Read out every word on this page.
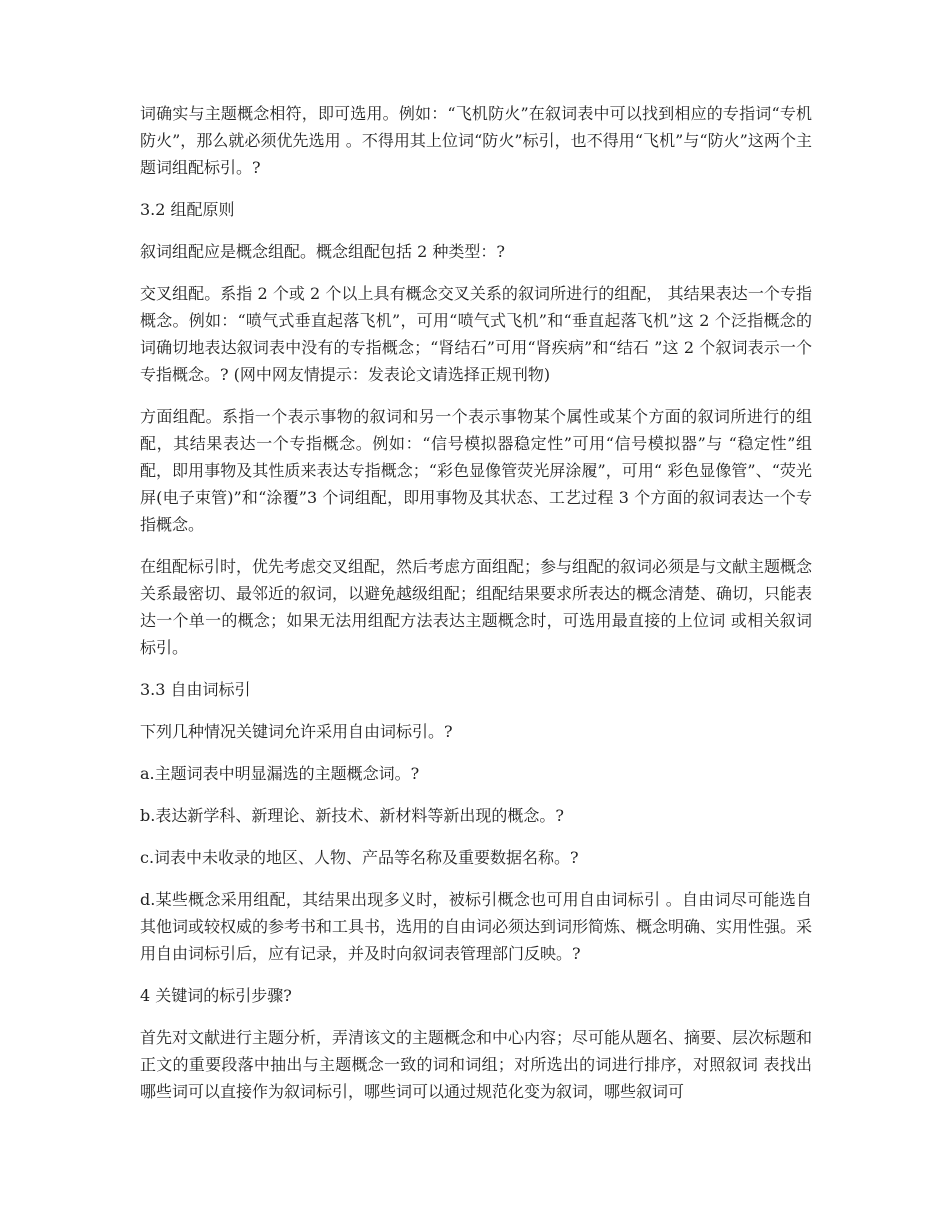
词确实与主题概念相符，即可选用。例如：“飞机防火”在叙词表中可以找到相应的专指词“专机防火”，那么就必须优先选用 。不得用其上位词“防火”标引，也不得用“飞机”与“防火”这两个主题词组配标引。?

3.2 组配原则

叙词组配应是概念组配。概念组配包括 2 种类型：?

交叉组配。系指 2 个或 2 个以上具有概念交叉关系的叙词所进行的组配， 其结果表达一个专指概念。例如：“喷气式垂直起落飞机”，可用“喷气式飞机”和“垂直起落飞机”这 2 个泛指概念的词确切地表达叙词表中没有的专指概念；“肾结石”可用“肾疾病”和“结石 ”这 2 个叙词表示一个专指概念。? (网中网友情提示：发表论文请选择正规刊物)

方面组配。系指一个表示事物的叙词和另一个表示事物某个属性或某个方面的叙词所进行的组配，其结果表达一个专指概念。例如：“信号模拟器稳定性”可用“信号模拟器”与 “稳定性”组配，即用事物及其性质来表达专指概念；“彩色显像管荧光屏涂履”，可用“ 彩色显像管”、“荧光屏(电子束管)”和“涂覆”3 个词组配，即用事物及其状态、工艺过程 3 个方面的叙词表达一个专指概念。

在组配标引时，优先考虑交叉组配，然后考虑方面组配；参与组配的叙词必须是与文献主题概念关系最密切、最邻近的叙词，以避免越级组配；组配结果要求所表达的概念清楚、确切，只能表达一个单一的概念；如果无法用组配方法表达主题概念时，可选用最直接的上位词 或相关叙词标引。

3.3 自由词标引

下列几种情况关键词允许采用自由词标引。?

a.主题词表中明显漏选的主题概念词。?

b.表达新学科、新理论、新技术、新材料等新出现的概念。?

c.词表中未收录的地区、人物、产品等名称及重要数据名称。?

d.某些概念采用组配，其结果出现多义时，被标引概念也可用自由词标引 。自由词尽可能选自其他词或较权威的参考书和工具书，选用的自由词必须达到词形简炼、概念明确、实用性强。采用自由词标引后，应有记录，并及时向叙词表管理部门反映。?

4 关键词的标引步骤?

首先对文献进行主题分析，弄清该文的主题概念和中心内容；尽可能从题名、摘要、层次标题和正文的重要段落中抽出与主题概念一致的词和词组；对所选出的词进行排序，对照叙词 表找出哪些词可以直接作为叙词标引，哪些词可以通过规范化变为叙词，哪些叙词可
